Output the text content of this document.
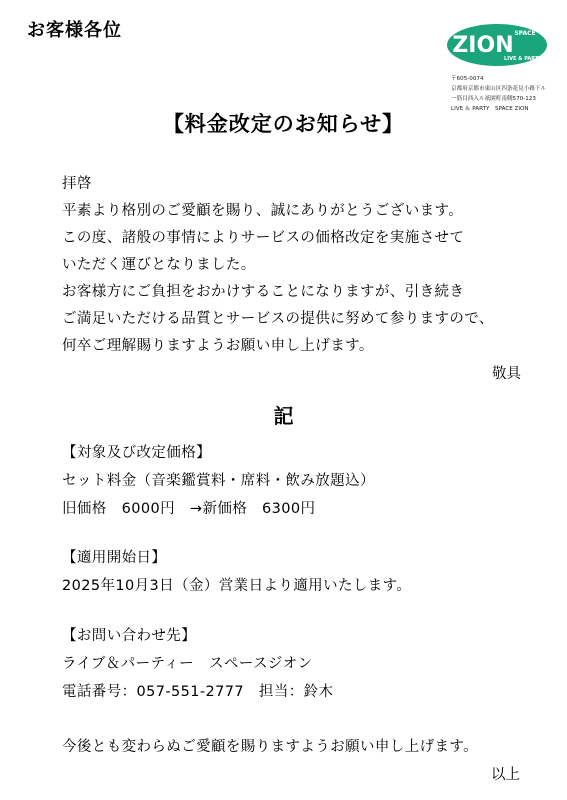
お客様各位
ZION SPACE
LIVE & PARTY
〒605-0074
京都府京都市東山区四条花見小路下ル
一筋目西入ル祇園町南側570-123
LIVE ＆ PARTY　SPACE ZION
【料金改定のお知らせ】
拝啓
平素より格別のご愛顧を賜り、誠にありがとうございます。
この度、諸般の事情によりサービスの価格改定を実施させて
いただく運びとなりました。
お客様方にご負担をおかけすることになりますが、引き続き
ご満足いただける品質とサービスの提供に努めて参りますので、
何卒ご理解賜りますようお願い申し上げます。
敬具
記
【対象及び改定価格】
セット料金（音楽鑑賞料・席料・飲み放題込）
旧価格　6000円　→新価格　6300円
【適用開始日】
2025年10月3日（金）営業日より適用いたします。
【お問い合わせ先】
ライブ＆パーティー　スペースジオン
電話番号：057-551-2777　担当：鈴木
今後とも変わらぬご愛顧を賜りますようお願い申し上げます。
以上
